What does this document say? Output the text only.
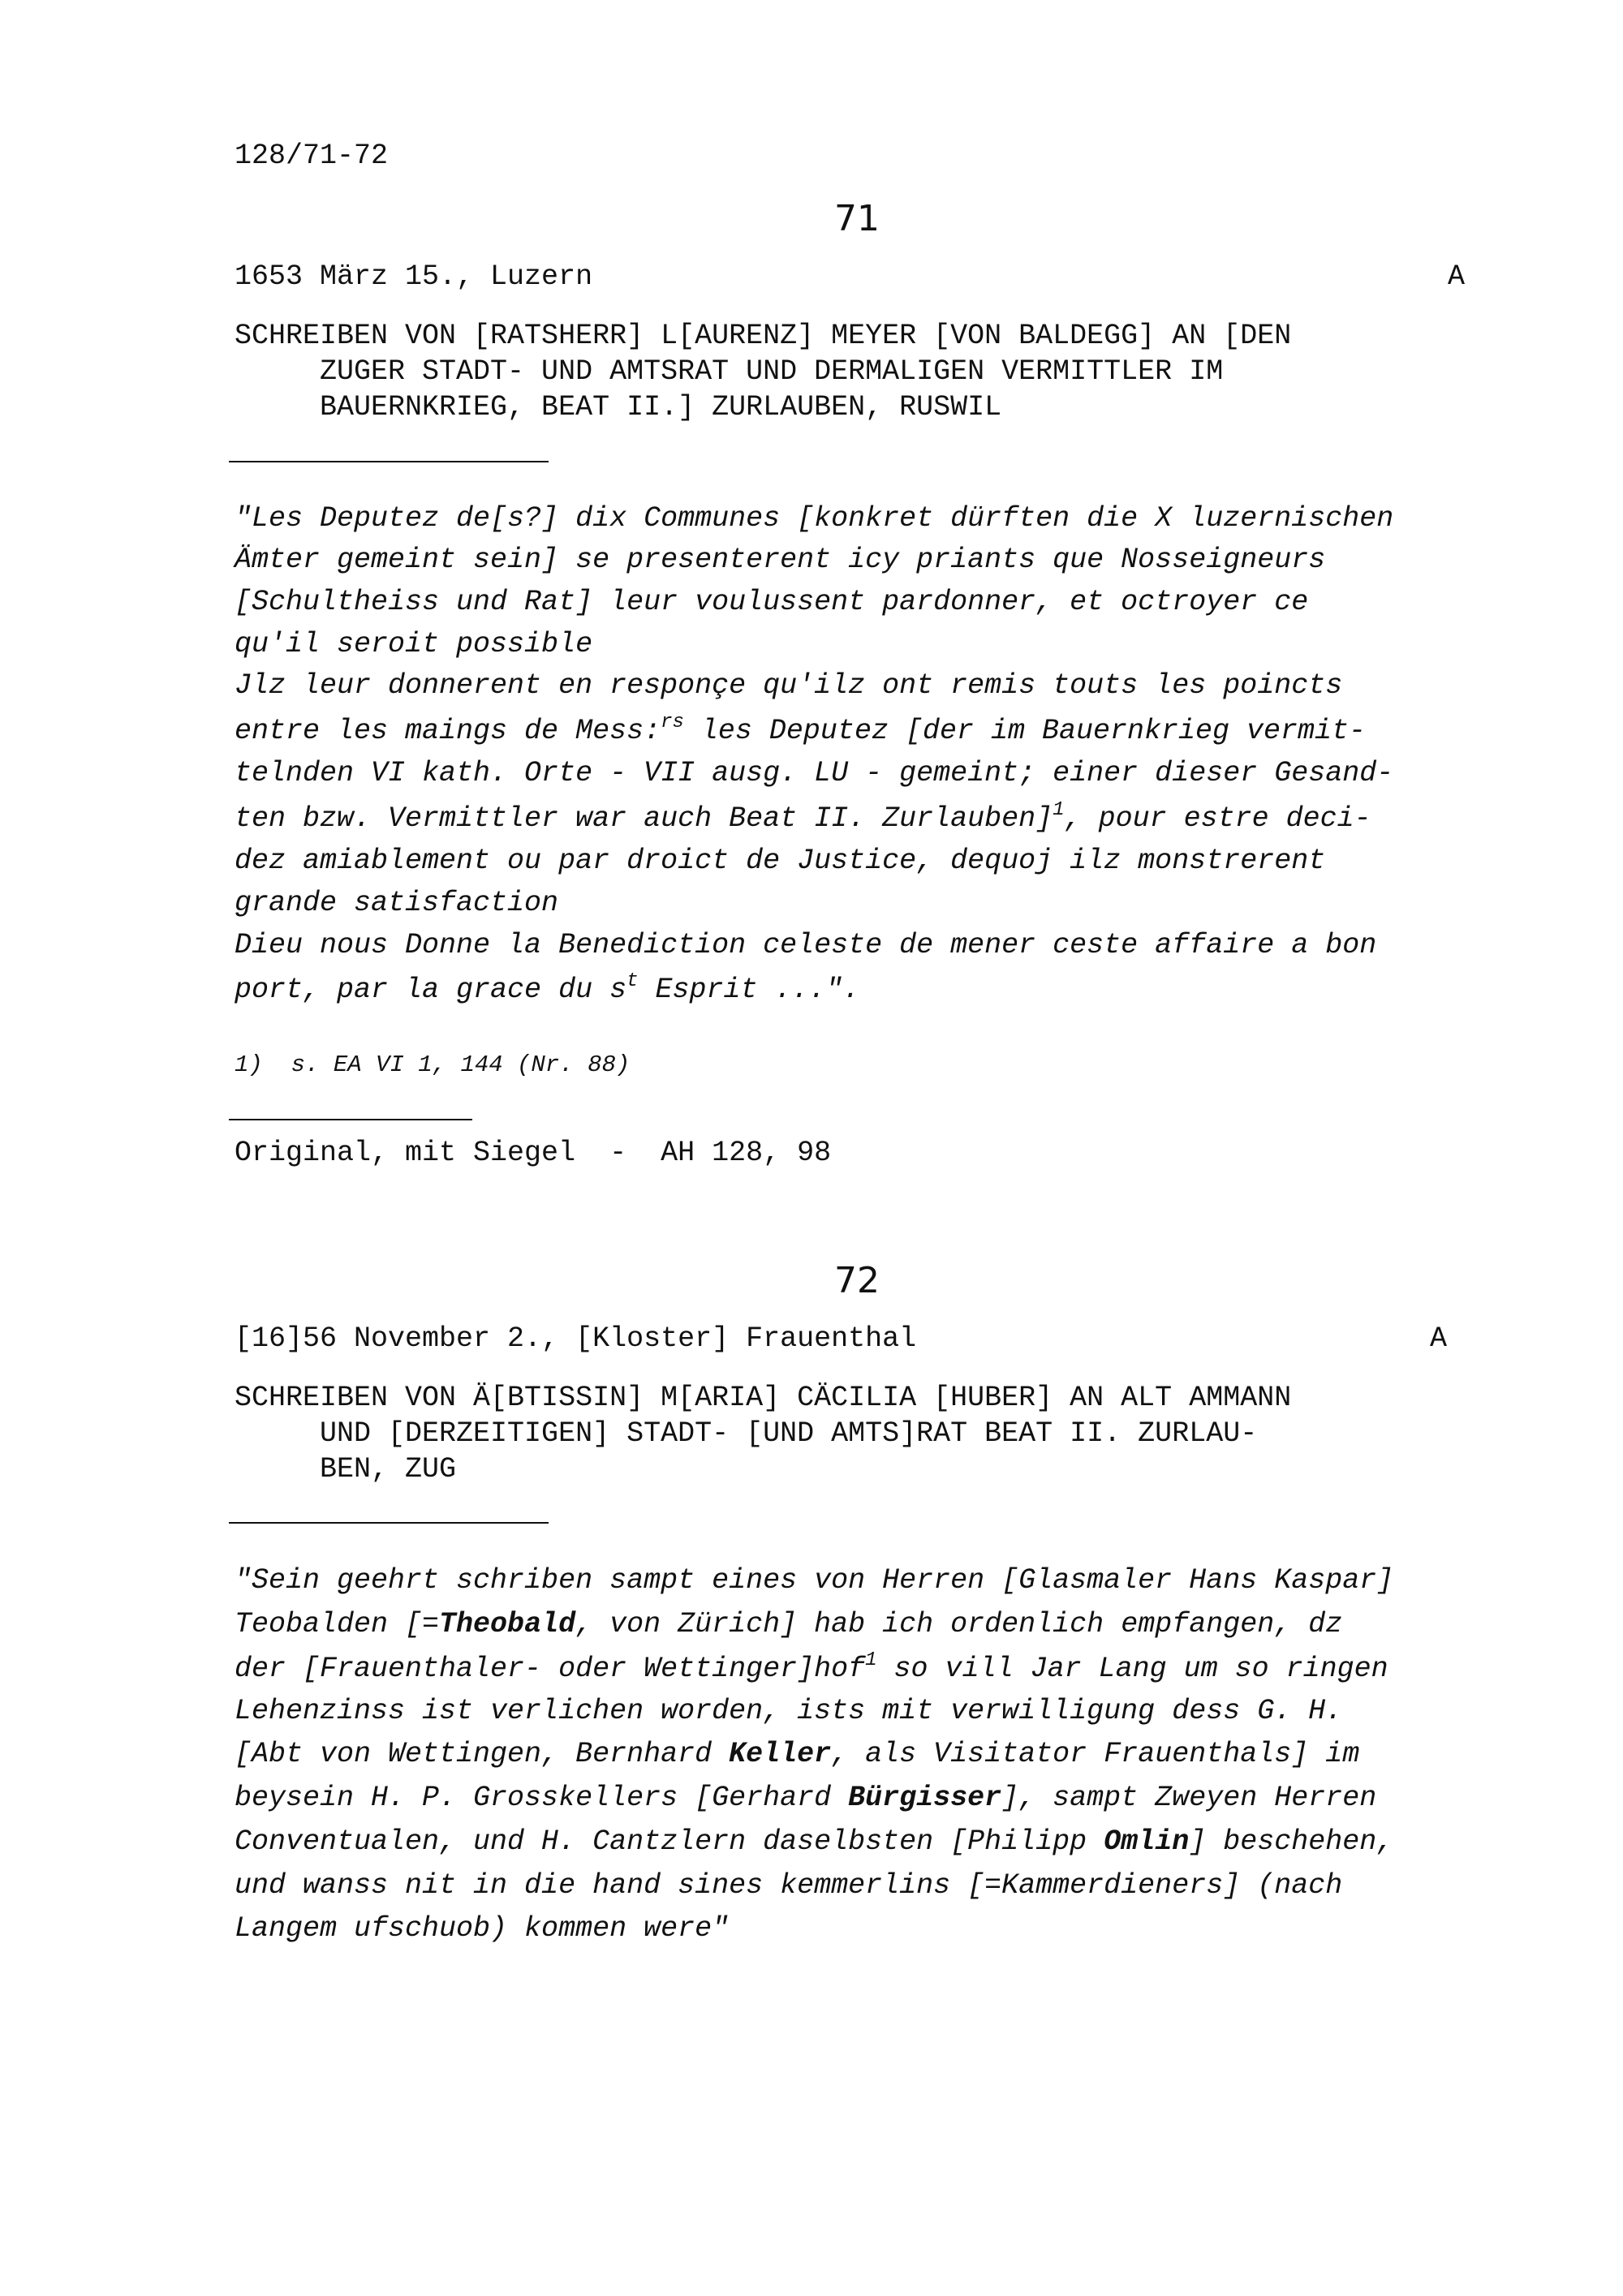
128/71-72
71
1653 März 15., Luzern	A
SCHREIBEN VON [RATSHERR] L[AURENZ] MEYER [VON BALDEGG] AN [DEN
ZUGER STADT- UND AMTSRAT UND DERMALIGEN VERMITTLER IM
BAUERNKRIEG, BEAT II.] ZURLAUBEN, RUSWIL
"Les Deputez de[s?] dix Communes [konkret dürften die X luzernischen
Ämter gemeint sein] se presenterent icy priants que Nosseigneurs
[Schultheiss und Rat] leur voulussent pardonner, et octroyer ce
qu'il seroit possible
Jlz leur donnerent en responçe qu'ilz ont remis touts les poincts
entre les maings de Mess:$^{rs}$ les Deputez [der im Bauernkrieg vermit-
telnden VI kath. Orte - VII ausg. LU - gemeint; einer dieser Gesand-
ten bzw. Vermittler war auch Beat II. Zurlauben]$^1$, pour estre deci-
dez amiablement ou par droict de Justice, dequoj ilz monstrerent
grande satisfaction
Dieu nous Donne la Benediction celeste de mener ceste affaire a bon
port, par la grace du $s^t$ Esprit ...".
1)  s. EA VI 1, 144 (Nr. 88)
Original, mit Siegel  -  AH 128, 98
72
[16]56 November 2., [Kloster] Frauenthal	A
SCHREIBEN VON Ä[BTISSIN] M[ARIA] CÄCILIA [HUBER] AN ALT AMMANN
UND [DERZEITIGEN] STADT- [UND AMTS]RAT BEAT II. ZURLAU-
BEN, ZUG
"Sein geehrt schriben sampt eines von Herren [Glasmaler Hans Kaspar]
Teobalden [=Theobald, von Zürich] hab ich ordenlich empfangen, dz
der [Frauenthaler- oder Wettinger]hof$^1$ so vill Jar Lang um so ringen
Lehenzinss ist verlichen worden, ists mit verwilligung dess G. H.
[Abt von Wettingen, Bernhard Keller, als Visitator Frauenthals] im
beysein H. P. Grosskellers [Gerhard Bürgisser], sampt Zweyen Herren
Conventualen, und H. Cantzlern daselbsten [Philipp Omlin] beschehen,
und wanss nit in die hand sines kemmerlins [=Kammerdieners] (nach
Langem ufschuob) kommen were"
